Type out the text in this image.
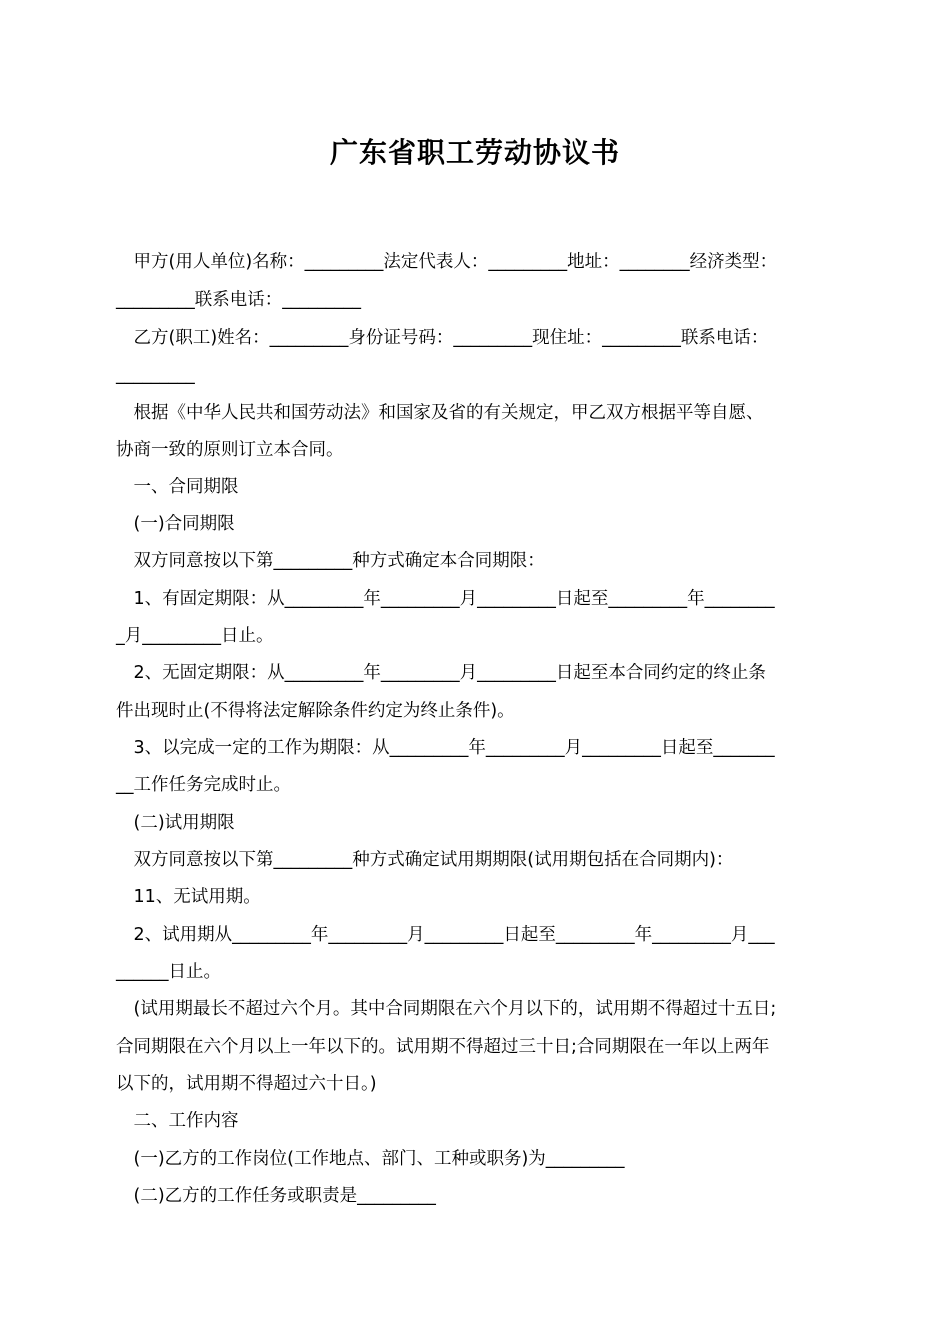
广东省职工劳动协议书
　甲方(用人单位)名称：_________法定代表人：_________地址：________经济类型：
_________联系电话：_________
　乙方(职工)姓名：_________身份证号码：_________现住址：_________联系电话：
_________
　根据《中华人民共和国劳动法》和国家及省的有关规定，甲乙双方根据平等自愿、
协商一致的原则订立本合同。
　一、合同期限
　(一)合同期限
　双方同意按以下第_________种方式确定本合同期限：
　1、有固定期限：从_________年_________月_________日起至_________年________
_月_________日止。
　2、无固定期限：从_________年_________月_________日起至本合同约定的终止条
件出现时止(不得将法定解除条件约定为终止条件)。
　3、以完成一定的工作为期限：从_________年_________月_________日起至_______
__工作任务完成时止。
　(二)试用期限
　双方同意按以下第_________种方式确定试用期期限(试用期包括在合同期内)：
　11、无试用期。
　2、试用期从_________年_________月_________日起至_________年_________月___
______日止。
　(试用期最长不超过六个月。其中合同期限在六个月以下的，试用期不得超过十五日;
合同期限在六个月以上一年以下的。试用期不得超过三十日;合同期限在一年以上两年
以下的，试用期不得超过六十日。)
　二、工作内容
　(一)乙方的工作岗位(工作地点、部门、工种或职务)为_________
　(二)乙方的工作任务或职责是_________
